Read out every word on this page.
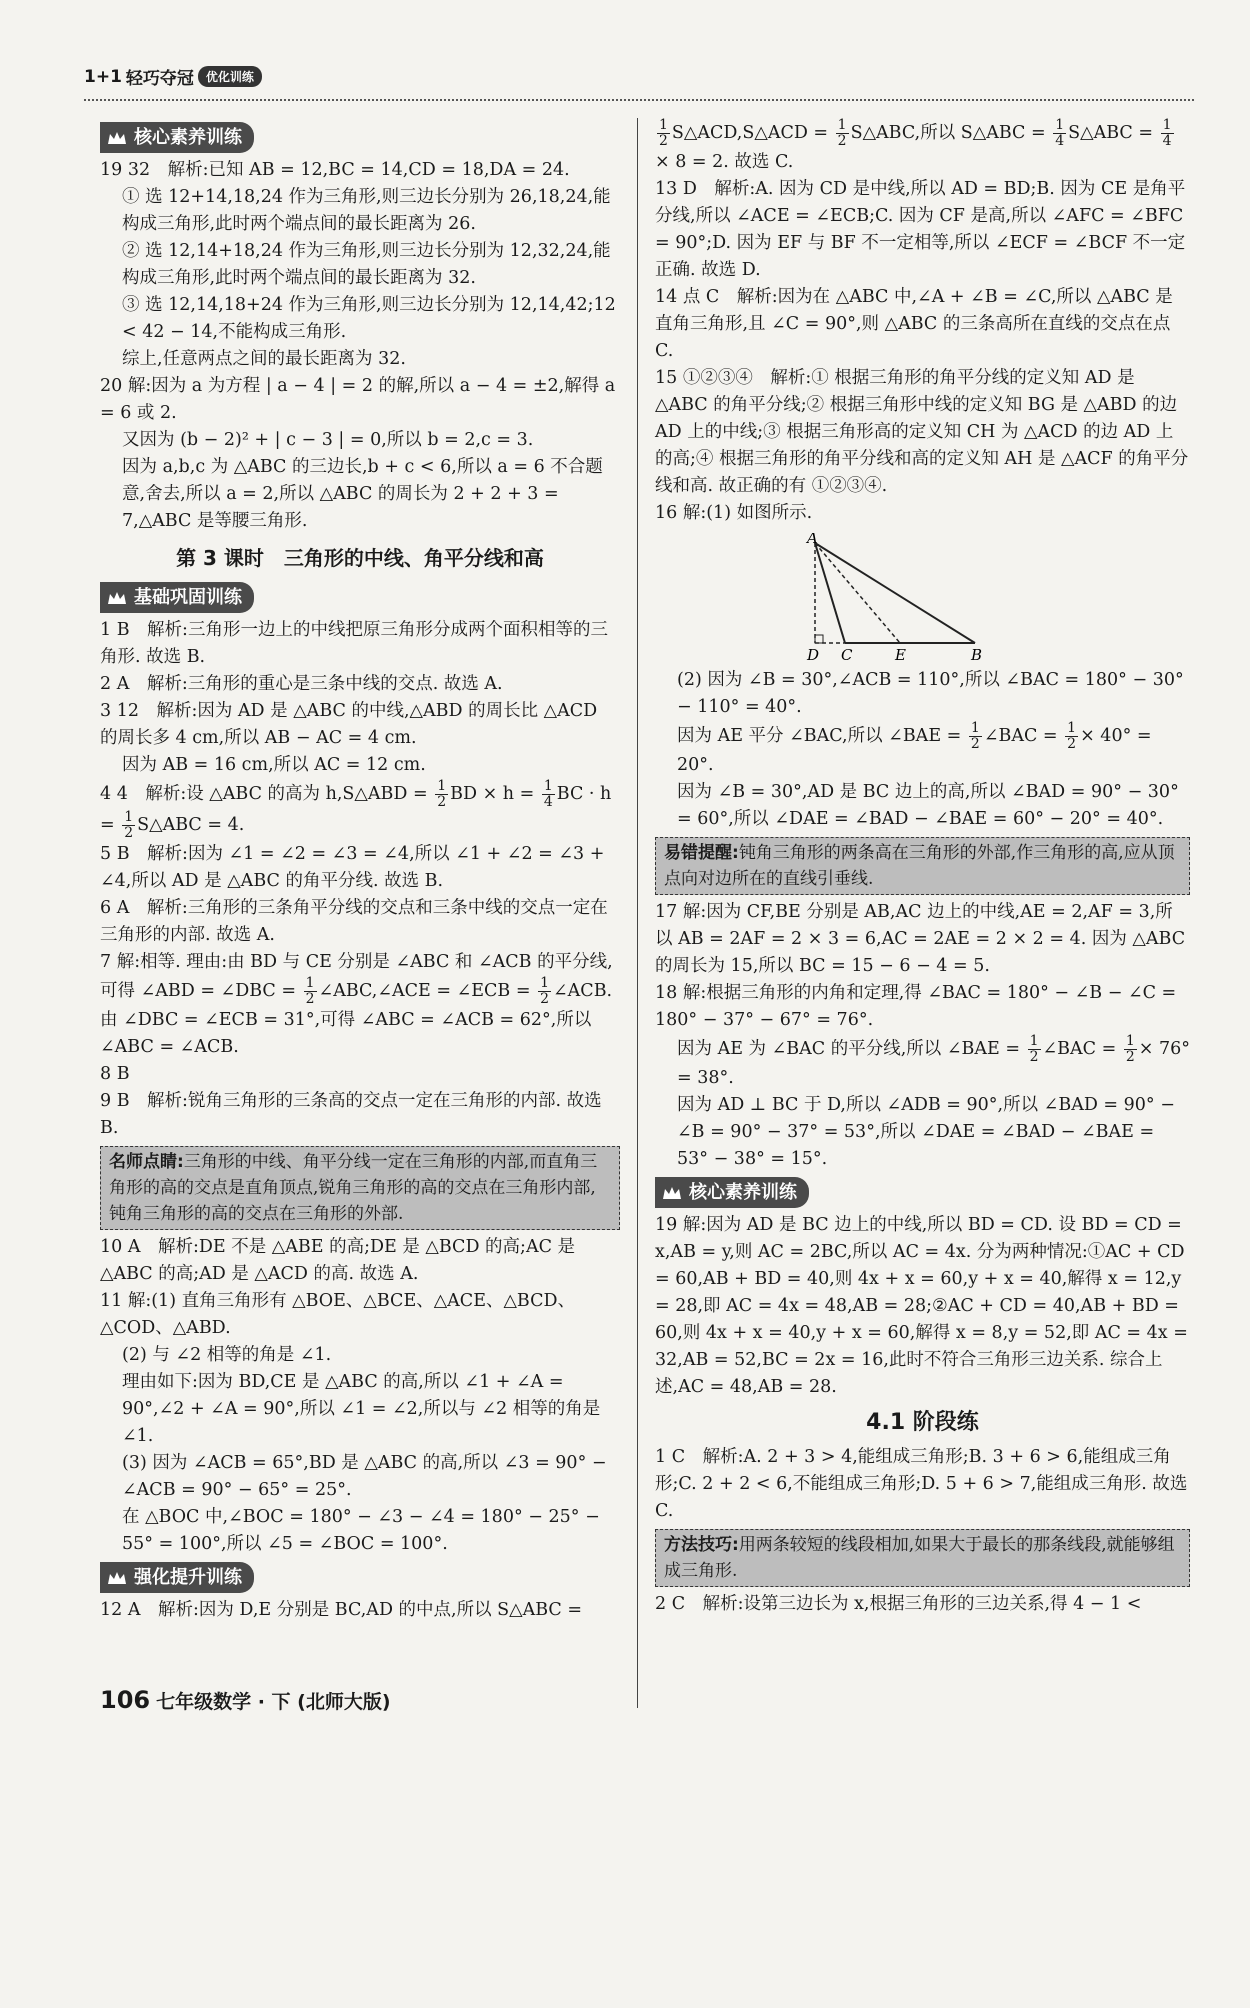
1+1 轻巧夺冠	优化训练
核心素养训练

19 32　解析:已知 AB = 12,BC = 14,CD = 18,DA = 24.

① 选 12+14,18,24 作为三角形,则三边长分别为 26,18,24,能构成三角形,此时两个端点间的最长距离为 26.

② 选 12,14+18,24 作为三角形,则三边长分别为 12,32,24,能构成三角形,此时两个端点间的最长距离为 32.

③ 选 12,14,18+24 作为三角形,则三边长分别为 12,14,42;12 < 42 − 14,不能构成三角形.

综上,任意两点之间的最长距离为 32.

20 解:因为 a 为方程 | a − 4 | = 2 的解,所以 a − 4 = ±2,解得 a = 6 或 2.

又因为 (b − 2)² + | c − 3 | = 0,所以 b = 2,c = 3.

因为 a,b,c 为 △ABC 的三边长,b + c < 6,所以 a = 6 不合题意,舍去,所以 a = 2,所以 △ABC 的周长为 2 + 2 + 3 = 7,△ABC 是等腰三角形.

第 3 课时　三角形的中线、角平分线和高
基础巩固训练

1 B　解析:三角形一边上的中线把原三角形分成两个面积相等的三角形. 故选 B.

2 A　解析:三角形的重心是三条中线的交点. 故选 A.

3 12　解析:因为 AD 是 △ABC 的中线,△ABD 的周长比 △ACD 的周长多 4 cm,所以 AB − AC = 4 cm.

因为 AB = 16 cm,所以 AC = 12 cm.

4 4　解析:设 △ABC 的高为 h,S△ABD = $\frac{1}{2}$ BD × $h = \frac{1}{4}$ BC · h
= $\frac{1}{2}$ S△ABC = 4.

5 B　解析:因为 ∠1 = ∠2 = ∠3 = ∠4,所以 ∠1 + ∠2 = ∠3 + ∠4,所以 AD 是 △ABC 的角平分线. 故选 B.

6 A　解析:三角形的三条角平分线的交点和三条中线的交点一定在三角形的内部. 故选 A.

7 解:相等. 理由:由 BD 与 CE 分别是 ∠ABC 和 ∠ACB 的平分线,可得 ∠ABD = ∠DBC = $\frac{1}{2}$ ∠ABC,∠ACE = ∠ECB = $\frac{1}{2}$ ∠ACB. 由 ∠DBC = ∠ECB = 31°,可得 ∠ABC = ∠ACB = 62°,所以 ∠ABC = ∠ACB.

8 B

9 B　解析:锐角三角形的三条高的交点一定在三角形的内部. 故选 B.

名师点睛:三角形的中线、角平分线一定在三角形的内部,而直角三角形的高的交点是直角顶点,锐角三角形的高的交点在三角形内部,钝角三角形的高的交点在三角形的外部.

10 A　解析:DE 不是 △ABE 的高;DE 是 △BCD 的高;AC 是 △ABC 的高;AD 是 △ACD 的高. 故选 A.

11 解:(1) 直角三角形有 △BOE、△BCE、△ACE、△BCD、△COD、△ABD.

(2) 与 ∠2 相等的角是 ∠1.

理由如下:因为 BD,CE 是 △ABC 的高,所以 ∠1 + ∠A = 90°,∠2 + ∠A = 90°,所以 ∠1 = ∠2,所以与 ∠2 相等的角是 ∠1.

(3) 因为 ∠ACB = 65°,BD 是 △ABC 的高,所以 ∠3 = 90° − ∠ACB = 90° − 65° = 25°.

在 △BOC 中,∠BOC = 180° − ∠3 − ∠4 = 180° − 25° − 55° = 100°,所以 ∠5 = ∠BOC = 100°.

强化提升训练

12 A　解析:因为 D,E 分别是 BC,AD 的中点,所以 S△ABC =

$\frac{1}{2}$ S△ACD,S△ACD = $\frac{1}{2}$ S△ABC,所以 S△ABC = $\frac{1}{4}$ S△ABC = $\frac{1}{4}$
× 8 = 2. 故选 C.

13 D　解析:A. 因为 CD 是中线,所以 AD = BD;B. 因为 CE 是角平分线,所以 ∠ACE = ∠ECB;C. 因为 CF 是高,所以 ∠AFC = ∠BFC = 90°;D. 因为 EF 与 BF 不一定相等,所以 ∠ECF = ∠BCF 不一定正确. 故选 D.

14 点 C　解析:因为在 △ABC 中,∠A + ∠B = ∠C,所以 △ABC 是直角三角形,且 ∠C = 90°,则 △ABC 的三条高所在直线的交点在点 C.

15 ①②③④　解析:① 根据三角形的角平分线的定义知 AD 是 △ABC 的角平分线;② 根据三角形中线的定义知 BG 是 △ABD 的边 AD 上的中线;③ 根据三角形高的定义知 CH 为 △ACD 的边 AD 上的高;④ 根据三角形的角平分线和高的定义知 AH 是 △ACF 的角平分线和高. 故正确的有 ①②③④.

16 解:(1) 如图所示.

A
D C	E	B

(2) 因为 ∠B = 30°,∠ACB = 110°,所以 ∠BAC = 180° − 30° − 110° = 40°.

因为 AE 平分 ∠BAC,所以 ∠BAE = $\frac{1}{2}$ ∠BAC = $\frac{1}{2} \times 40^\circ = 20^\circ$.

因为 ∠B = 30°,AD 是 BC 边上的高,所以 ∠BAD = 90° − 30° = 60°,所以 ∠DAE = ∠BAD − ∠BAE = 60° − 20° = 40°.

易错提醒:钝角三角形的两条高在三角形的外部,作三角形的高,应从顶点向对边所在的直线引垂线.

17 解:因为 CF,BE 分别是 AB,AC 边上的中线,AE = 2,AF = 3,所以 AB = 2AF = 2 × 3 = 6,AC = 2AE = 2 × 2 = 4. 因为 △ABC 的周长为 15,所以 BC = 15 − 6 − 4 = 5.

18 解:根据三角形的内角和定理,得 ∠BAC = 180° − ∠B − ∠C = 180° − 37° − 67° = 76°.

因为 AE 为 ∠BAC 的平分线,所以 ∠BAE = $\frac{1}{2}$ ∠BAC = $\frac{1}{2} \times 76^\circ = 38^\circ$.

因为 AD ⊥ BC 于 D,所以 ∠ADB = 90°,所以 ∠BAD = 90° − ∠B = 90° − 37° = 53°,所以 ∠DAE = ∠BAD − ∠BAE = 53° − 38° = 15°.

核心素养训练

19 解:因为 AD 是 BC 边上的中线,所以 BD = CD. 设 BD = CD = x,AB = y,则 AC = 2BC,所以 AC = 4x. 分为两种情况:①AC + CD = 60,AB + BD = 40,则 4x + x = 60,y + x = 40,解得 x = 12,y = 28,即 AC = 4x = 48,AB = 28;②AC + CD = 40,AB + BD = 60,则 4x + x = 40,y + x = 60,解得 x = 8,y = 52,即 AC = 4x = 32,AB = 52,BC = 2x = 16,此时不符合三角形三边关系. 综合上述,AC = 48,AB = 28.

4.1 阶段练

1 C　解析:A. 2 + 3 > 4,能组成三角形;B. 3 + 6 > 6,能组成三角形;C. 2 + 2 < 6,不能组成三角形;D. 5 + 6 > 7,能组成三角形. 故选 C.

方法技巧:用两条较短的线段相加,如果大于最长的那条线段,就能够组成三角形.

2 C　解析:设第三边长为 x,根据三角形的三边关系,得 4 − 1 <

106 七年级数学 · 下 (北师大版)
